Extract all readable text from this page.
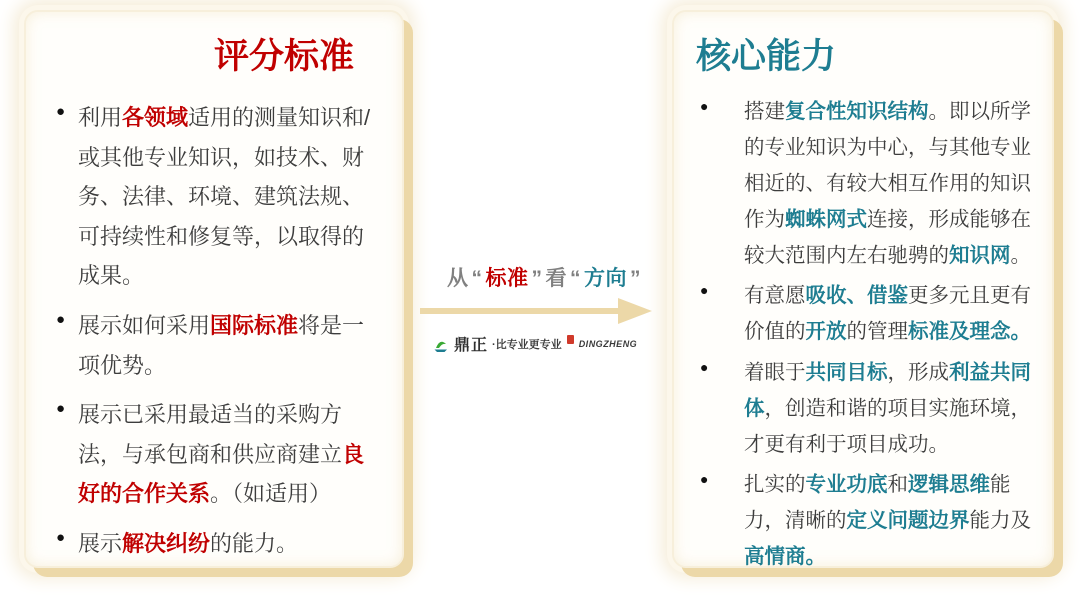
评分标准
● 利用各领域适用的测量知识和/或其他专业知识，如技术、财务、法律、环境、建筑法规、可持续性和修复等，以取得的成果。
● 展示如何采用国际标准将是一项优势。
● 展示已采用最适当的采购方法，与承包商和供应商建立良好的合作关系。（如适用）
● 展示解决纠纷的能力。
从 “ 标准 ” 看 “ 方向 ”
鼎正 ·比专业更专业 DINGZHENG
核心能力
●	搭建复合性知识结构。即以所学的专业知识为中心，与其他专业相近的、有较大相互作用的知识作为蜘蛛网式连接，形成能够在较大范围内左右驰骋的知识网。
●	有意愿吸收、借鉴更多元且更有价值的开放的管理标准及理念。
●	着眼于共同目标，形成利益共同体，创造和谐的项目实施环境，才更有利于项目成功。
●	扎实的专业功底和逻辑思维能力，清晰的定义问题边界能力及高情商。
